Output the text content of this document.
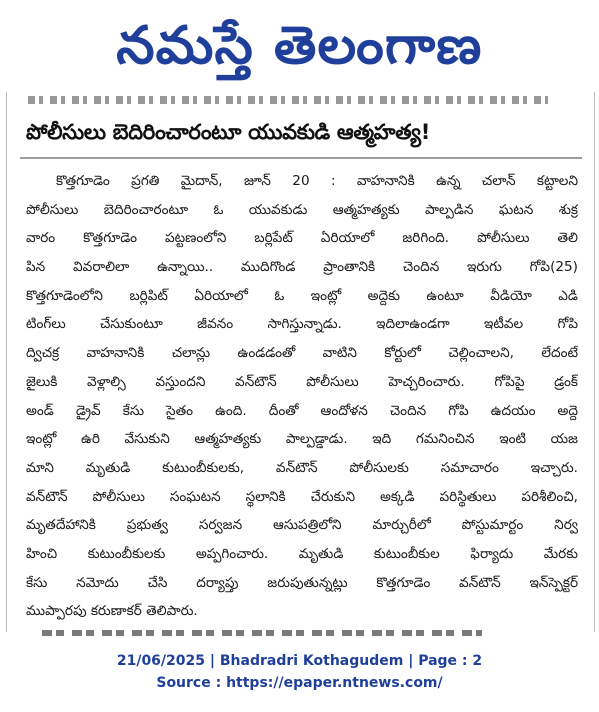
నమస్తే తెలంగాణ
పోలీసులు బెదిరించారంటూ యువకుడి ఆత్మహత్య!
కొత్తగూడెం ప్రగతి మైదాన్, జూన్ 20 : వాహనానికి ఉన్న చలాన్ కట్టాలని
పోలీసులు బెదిరించారంటూ ఓ యువకుడు ఆత్మహత్యకు పాల్పడిన ఘటన శుక్ర
వారం కొత్తగూడెం పట్టణంలోని బర్లిపేట్ ఏరియాలో జరిగింది. పోలీసులు తెలి
పిన వివరాలిలా ఉన్నాయి.. ముదిగొండ ప్రాంతానికి చెందిన ఇరుగు గోపి(25)
కొత్తగూడెంలోని బర్లిపిట్ ఏరియాలో ఓ ఇంట్లో అద్దెకు ఉంటూ వీడియో ఎడి
టింగ్‌లు చేసుకుంటూ జీవనం సాగిస్తున్నాడు. ఇదిలాఉండగా ఇటీవల గోపి
ద్విచక్ర వాహనానికి చలాన్లు ఉండడంతో వాటిని కోర్టులో చెల్లించాలని, లేదంటే
జైలుకి వెళ్లాల్సి వస్తుందని వన్‌టౌన్ పోలీసులు హెచ్చరించారు. గోపిపై డ్రంక్
అండ్ డ్రైవ్ కేసు సైతం ఉంది. దీంతో ఆందోళన చెందిన గోపి ఉదయం అద్దె
ఇంట్లో ఉరి వేసుకుని ఆత్మహత్యకు పాల్పడ్డాడు. ఇది గమనించిన ఇంటి యజ
మాని మృతుడి కుటుంబీకులకు, వన్‌టౌన్ పోలీసులకు సమాచారం ఇచ్చారు.
వన్‌టౌన్ పోలీసులు సంఘటన స్థలానికి చేరుకుని అక్కడి పరిస్థితులు పరిశీలించి,
మృతదేహానికి ప్రభుత్వ సర్వజన ఆసుపత్రిలోని మార్చురీలో పోస్టుమార్టం నిర్వ
హించి కుటుంబీకులకు అప్పగించారు. మృతుడి కుటుంబీకుల ఫిర్యాదు మేరకు
కేసు నమోదు చేసి దర్యాప్తు జరుపుతున్నట్లు కొత్తగూడెం వన్‌టౌన్ ఇన్‌స్పెక్టర్
ముప్పారపు కరుణాకర్ తెలిపారు.
21/06/2025 | Bhadradri Kothagudem | Page : 2
Source : https://epaper.ntnews.com/
